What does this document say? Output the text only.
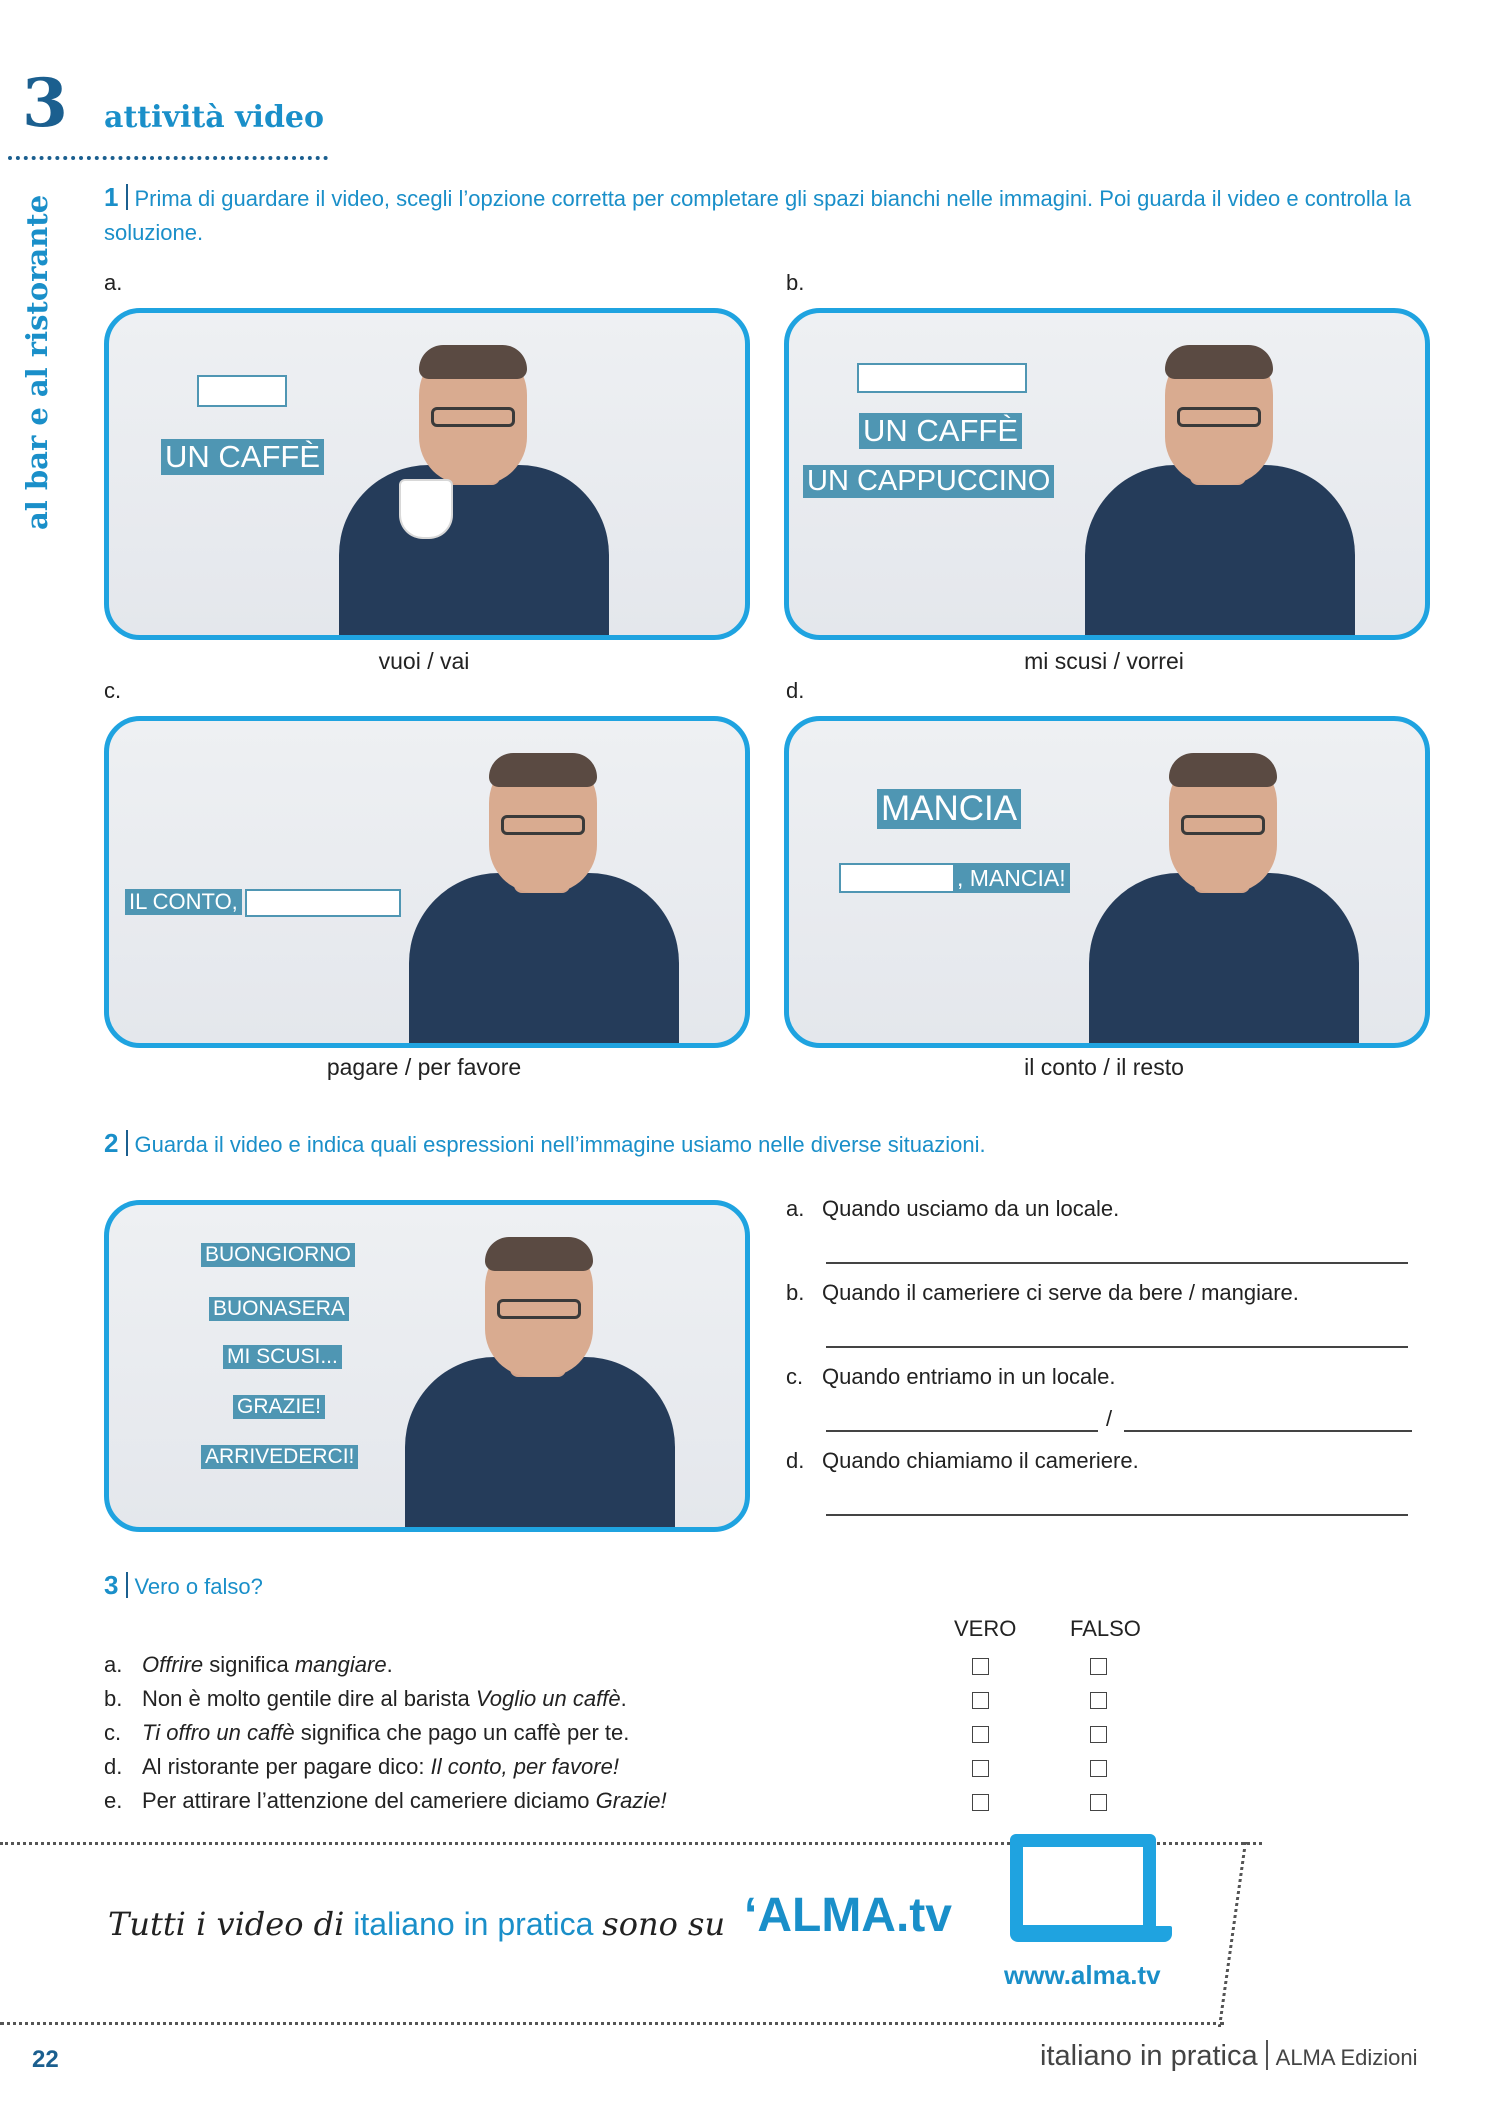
3 attività video
al bar e al ristorante 1 Prima di guardare il video, scegli l’opzione corretta per completare gli spazi bianchi nelle immagini. Poi guarda il video e controlla la soluzione.
a.
UN CAFFÈ
vuoi / vai
b.
UN CAFFÈ
UN CAPPUCCINO
mi scusi / vorrei
c.
IL CONTO,
pagare / per favore
d.
MANCIA
, MANCIA!
il conto / il resto
2 Guarda il video e indica quali espressioni nell’immagine usiamo nelle diverse situazioni.
BUONGIORNO
BUONASERA
MI SCUSI...
GRAZIE!
ARRIVEDERCI!
a. Quando usciamo da un locale.
b. Quando il cameriere ci serve da bere / mangiare.
c. Quando entriamo in un locale.
/
d. Quando chiamiamo il cameriere.
3 Vero o falso?
VERO FALSO
a. Offrire significa mangiare.
b. Non è molto gentile dire al barista Voglio un caffè.
c. Ti offro un caffè significa che pago un caffè per te.
d. Al ristorante per pagare dico: Il conto, per favore!
e. Per attirare l’attenzione del cameriere diciamo Grazie!
Tutti i video di italiano in pratica sono su ‘ALMA.tv
www.alma.tv
22	italiano in pratica ALMA Edizioni
